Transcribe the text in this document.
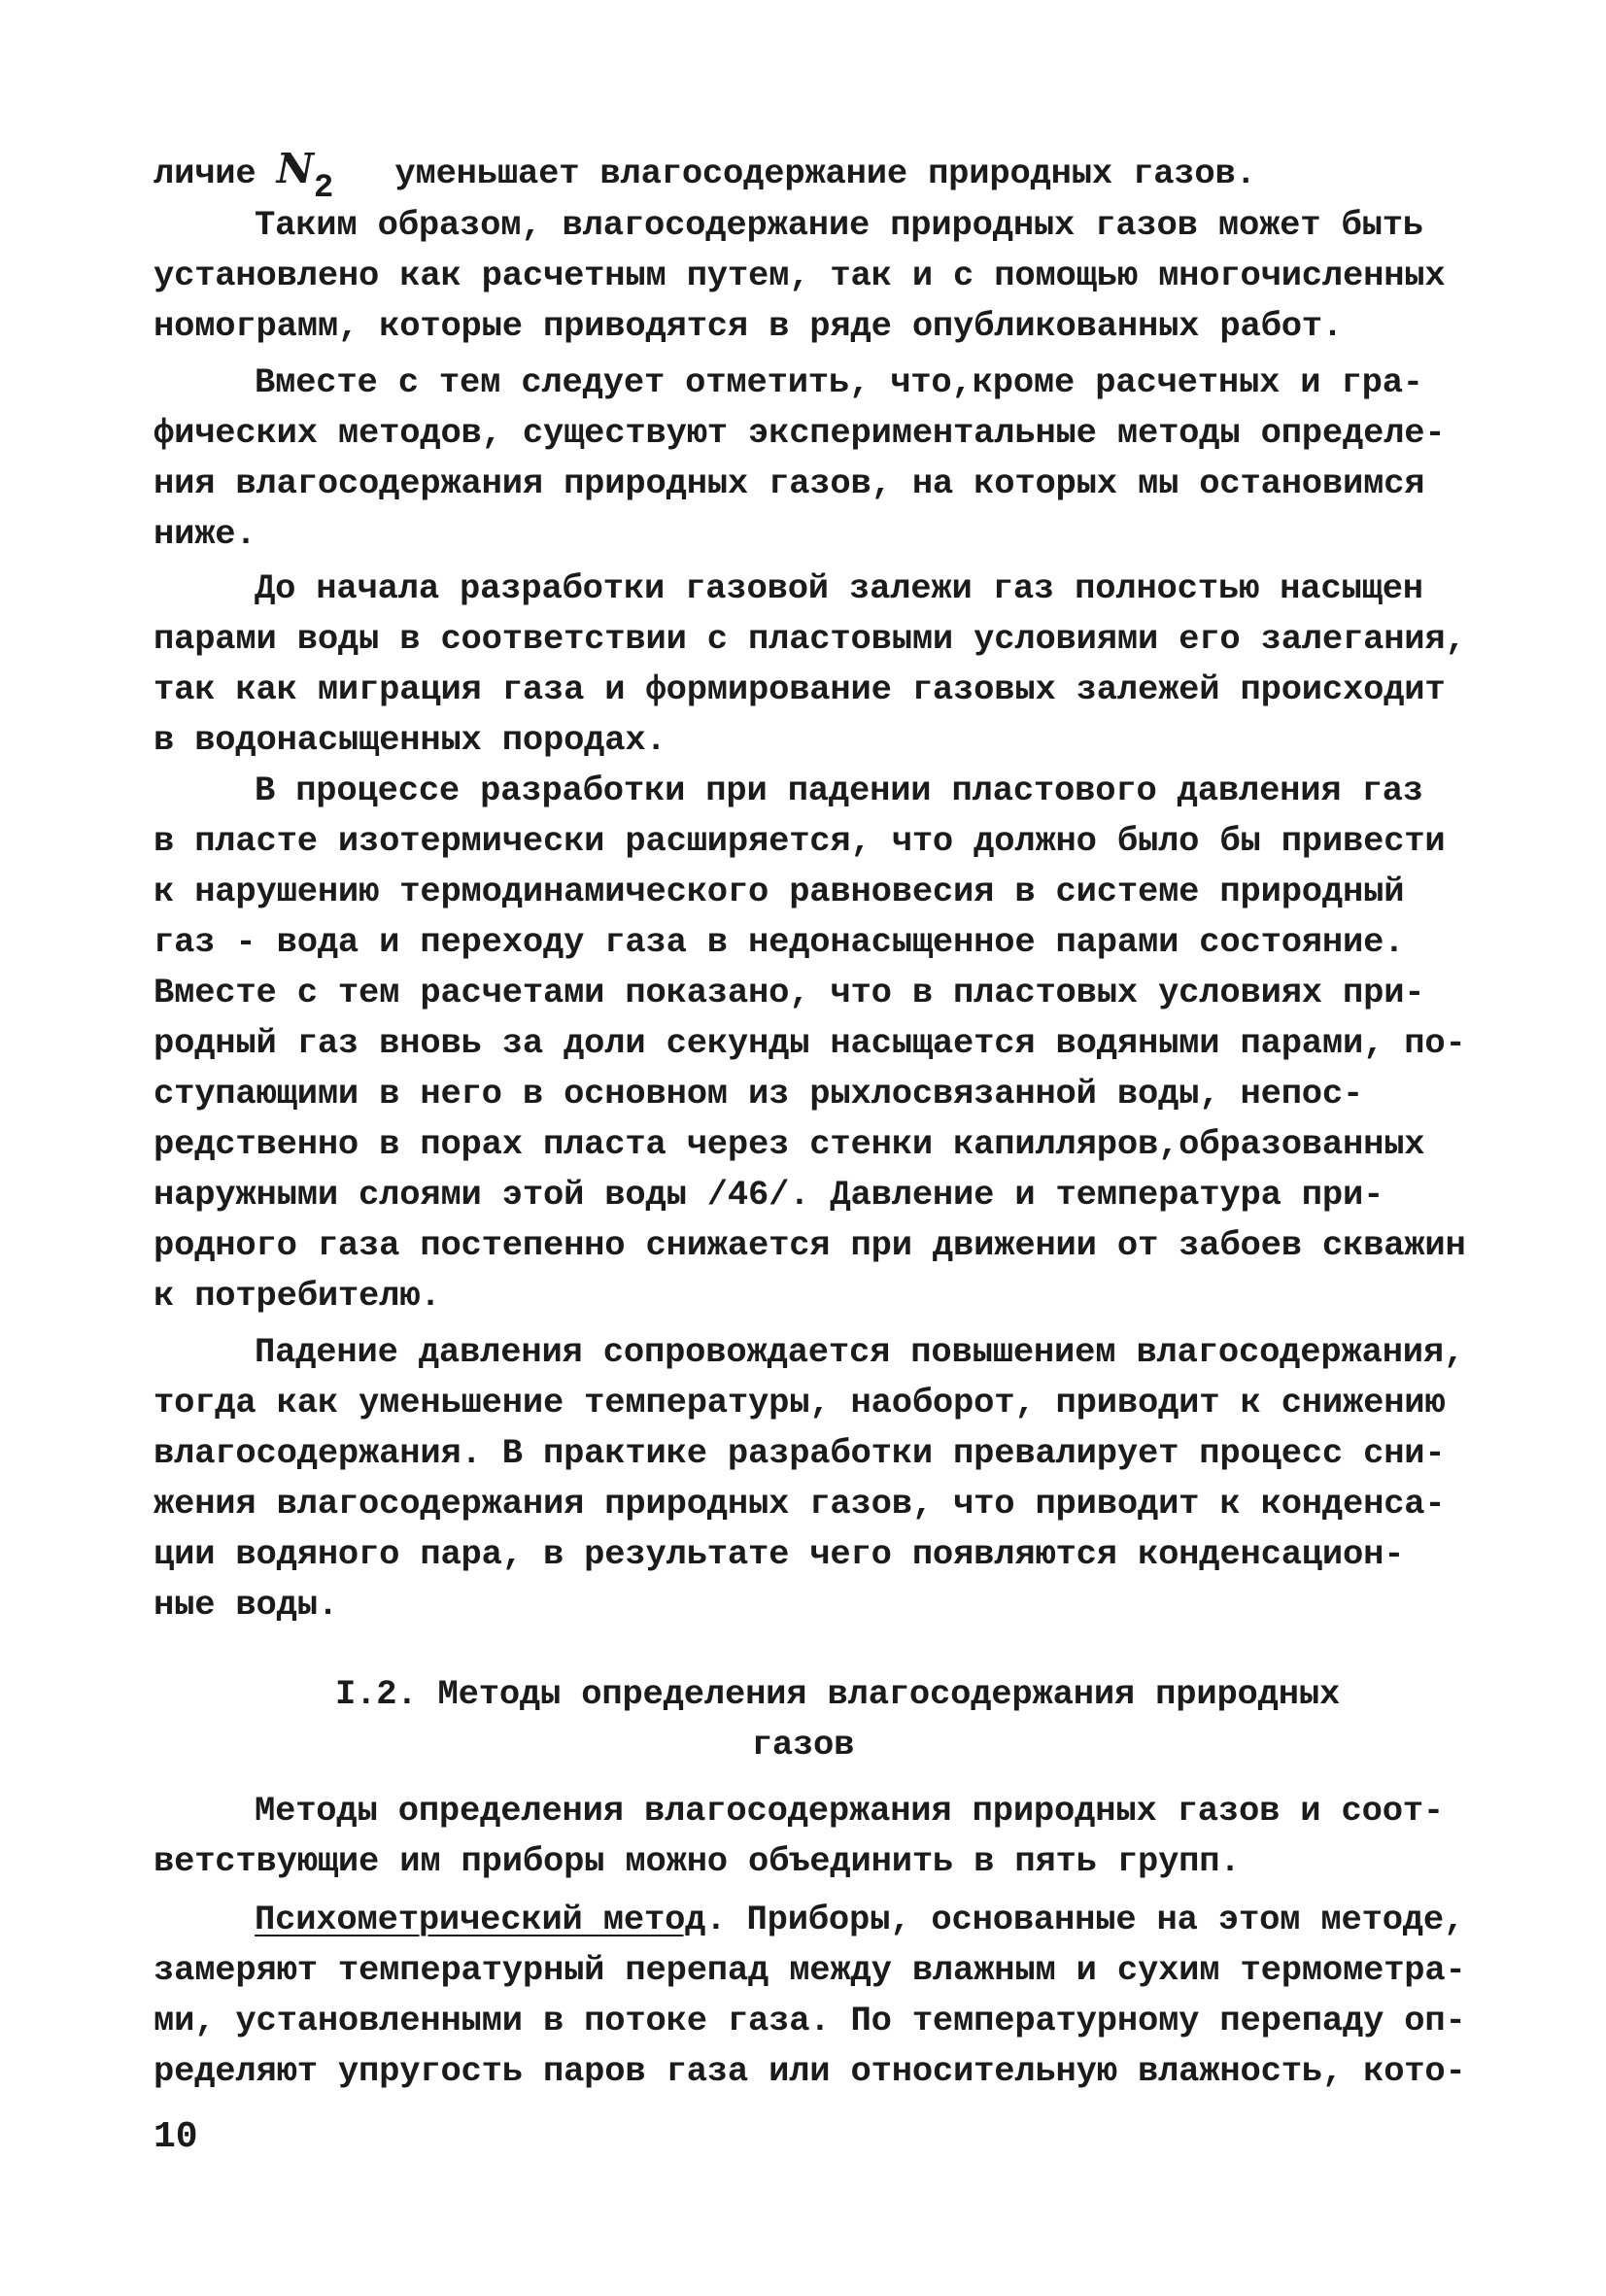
личие N2 уменьшает влагосодержание природных газов.
Таким образом, влагосодержание природных газов может быть
установлено как расчетным путем, так и с помощью многочисленных
номограмм, которые приводятся в ряде опубликованных работ.
Вместе с тем следует отметить, что,кроме расчетных и гра-
фических методов, существуют экспериментальные методы определе-
ния влагосодержания природных газов, на которых мы остановимся
ниже.
До начала разработки газовой залежи газ полностью насыщен
парами воды в соответствии с пластовыми условиями его залегания,
так как миграция газа и формирование газовых залежей происходит
в водонасыщенных породах.
В процессе разработки при падении пластового давления газ
в пласте изотермически расширяется, что должно было бы привести
к нарушению термодинамического равновесия в системе природный
газ - вода и переходу газа в недонасыщенное парами состояние.
Вместе с тем расчетами показано, что в пластовых условиях при-
родный газ вновь за доли секунды насыщается водяными парами, по-
ступающими в него в основном из рыхлосвязанной воды, непос-
редственно в порах пласта через стенки капилляров,образованных
наружными слоями этой воды /46/. Давление и температура при-
родного газа постепенно снижается при движении от забоев скважин
к потребителю.
Падение давления сопровождается повышением влагосодержания,
тогда как уменьшение температуры, наоборот, приводит к снижению
влагосодержания. В практике разработки превалирует процесс сни-
жения влагосодержания природных газов, что приводит к конденса-
ции водяного пара, в результате чего появляются конденсацион-
ные воды.
I.2. Методы определения влагосодержания природных
газов
Методы определения влагосодержания природных газов и соот-
ветствующие им приборы можно объединить в пять групп.
Психометрический метод. Приборы, основанные на этом методе,
замеряют температурный перепад между влажным и сухим термометра-
ми, установленными в потоке газа. По температурному перепаду оп-
ределяют упругость паров газа или относительную влажность, кото-
10
